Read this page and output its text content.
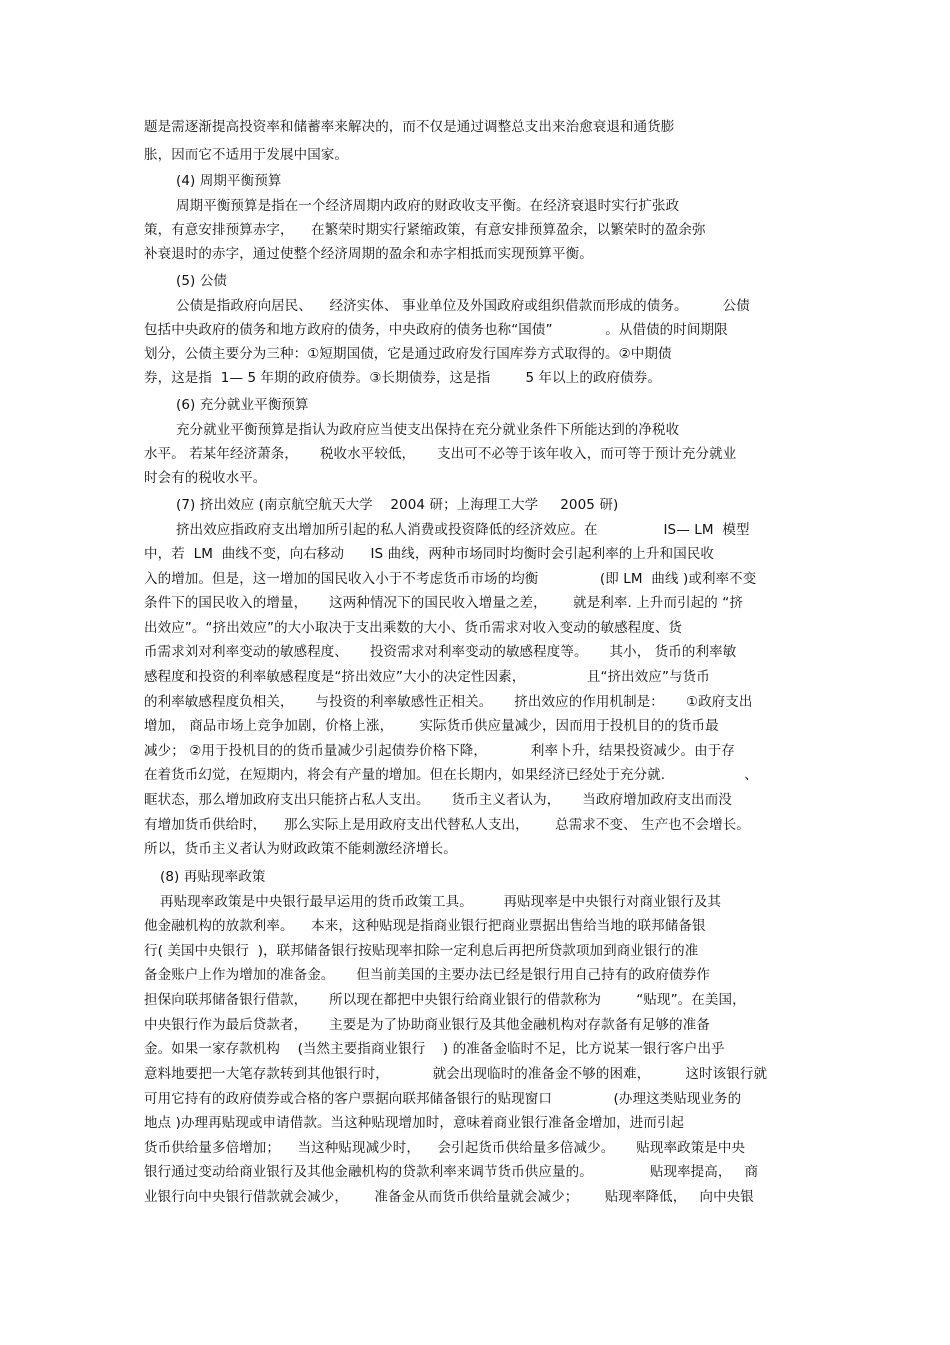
题是需逐渐提高投资率和储蓄率来解决的，而不仅是通过调整总支出来治愈衰退和通货膨
胀，因而它不适用于发展中国家。
(4) 周期平衡预算
周期平衡预算是指在一个经济周期内政府的财政收支平衡。在经济衰退时实行扩张政
策，有意安排预算赤字，    在繁荣时期实行紧缩政策，有意安排预算盈余，以繁荣时的盈余弥
补衰退时的赤字，通过使整个经济周期的盈余和赤字相抵而实现预算平衡。
(5) 公债
公债是指政府向居民、    经济实体、 事业单位及外国政府或组织借款而形成的债务。        公债
包括中央政府的债务和地方政府的债务，中央政府的债务也称“国债”            。从借债的时间期限
划分，公债主要分为三种：①短期国债，它是通过政府发行国库券方式取得的。②中期债
券，这是指  1— 5 年期的政府债券。③长期债券，这是指        5 年以上的政府债券。
(6) 充分就业平衡预算
充分就业平衡预算是指认为政府应当使支出保持在充分就业条件下所能达到的净税收
水平。 若某年经济萧条，     税收水平较低，     支出可不必等于该年收入，而可等于预计充分就业
时会有的税收水平。
(7) 挤出效应 (南京航空航天大学    2004 研；上海理工大学     2005 研)
挤出效应指政府支出增加所引起的私人消费或投资降低的经济效应。在               IS— LM  模型
中，若  LM  曲线不变，向右移动      IS 曲线，两种市场同时均衡时会引起利率的上升和国民收
入的增加。但是，这一增加的国民收入小于不考虑货币市场的均衡              (即 LM  曲线 )或利率不变
条件下的国民收入的增量，     这两种情况下的国民收入增量之差，      就是利率. 上升而引起的 “挤
出效应”。“挤出效应”的大小取决于支出乘数的大小、货币需求对收入变动的敏感程度、货
币需求刘对利率变动的敏感程度、     投资需求对利率变动的敏感程度等。     其小， 货币的利率敏
感程度和投资的利率敏感程度是“挤出效应”大小的决定性因素，              且“挤出效应”与货币
的利率敏感程度负相关，     与投资的利率敏感性正相关。     挤出效应的作用机制是：     ①政府支出
增加， 商品市场上竞争加剧，价格上涨，      实际货币供应量减少，因而用于投机目的的货币最
减少； ②用于投机目的的货币量减少引起债券价格下降，          利率卜升，结果投资减少。由于存
在着货币幻觉，在短期内，将会有产量的增加。但在长期内，如果经济已经处于充分就.                  、
眶状态，那么增加政府支出只能挤占私人支出。     货币主义者认为，     当政府增加政府支出而没
有增加货币供给时，    那么实际上是用政府支出代替私人支出，      总需求不变、 生产也不会增长。
所以，货币主义者认为财政政策不能刺激经济增长。
(8) 再贴现率政策
再贴现率政策是中央银行最早运用的货币政策工具。       再贴现率是中央银行对商业银行及其
他金融机构的放款利率。    本来，这种贴现是指商业银行把商业票据出售给当地的联邦储备银
行( 美国中央银行  )，联邦储备银行按贴现率扣除一定利息后再把所贷款项加到商业银行的准
备金账户上作为增加的准备金。     但当前美国的主要办法已经是银行用自己持有的政府债券作
担保向联邦储备银行借款，     所以现在都把中央银行给商业银行的借款称为        “贴现”。在美国，
中央银行作为最后贷款者，     主要是为了协助商业银行及其他金融机构对存款备有足够的准备
金。如果一家存款机构    (当然主要指商业银行    ) 的准备金临时不足，比方说某一银行客户出乎
意料地要把一大笔存款转到其他银行时，          就会出现临时的准备金不够的困难，        这时该银行就
可用它持有的政府债券或合格的客户票据向联邦储备银行的贴现窗口              (办理这类贴现业务的
地点 )办理再贴现或申请借款。当这种贴现增加时，意味着商业银行准备金增加，进而引起
货币供给量多倍增加；    当这种贴现减少时，    会引起货币供给量多倍减少。     贴现率政策是中央
银行通过变动给商业银行及其他金融机构的贷款利率来调节货币供应量的。             贴现率提高，   商
业银行向中央银行借款就会减少，      准备金从而货币供给量就会减少；      贴现率降低，   向中央银
